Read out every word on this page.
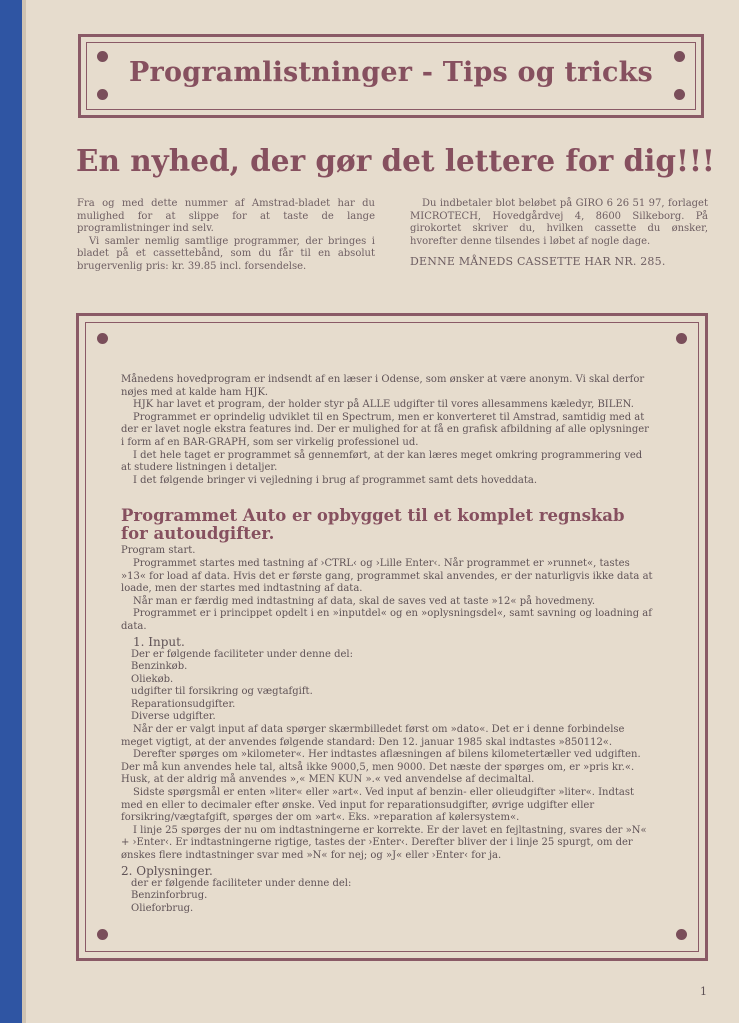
Programlistninger - Tips og tricks
En nyhed, der gør det lettere for dig!!!

Fra og med dette nummer af Amstrad-bladet har du mulighed for at slippe for at taste de lange programlistninger ind selv.

Vi samler nemlig samtlige programmer, der bringes i bladet på et cassettebånd, som du får til en absolut brugervenlig pris: kr. 39.85 incl. forsendelse.

Du indbetaler blot beløbet på GIRO 6 26 51 97, forlaget MICROTECH, Hovedgårdvej 4, 8600 Silkeborg. På girokortet skriver du, hvilken cassette du ønsker, hvorefter denne tilsendes i løbet af nogle dage.

DENNE MÅNEDS CASSETTE HAR NR. 285.

Månedens hovedprogram er indsendt af en læser i Odense, som ønsker at være anonym. Vi skal derfor nøjes med at kalde ham HJK.

HJK har lavet et program, der holder styr på ALLE udgifter til vores allesammens kæledyr, BILEN.

Programmet er oprindelig udviklet til en Spectrum, men er konverteret til Amstrad, samtidig med at der er lavet nogle ekstra features ind. Der er mulighed for at få en grafisk afbildning af alle oplysninger i form af en BAR-GRAPH, som ser virkelig professionel ud.

I det hele taget er programmet så gennemført, at der kan læres meget omkring programmering ved at studere listningen i detaljer.

I det følgende bringer vi vejledning i brug af programmet samt dets hoveddata.

Programmet Auto er opbygget til et komplet regnskab for autoudgifter.

Program start.

Programmet startes med tastning af ›CTRL‹ og ›Lille Enter‹. Når programmet er »runnet«, tastes »13« for load af data. Hvis det er første gang, programmet skal anvendes, er der naturligvis ikke data at loade, men der startes med indtastning af data.

Når man er færdig med indtastning af data, skal de saves ved at taste »12« på hovedmeny.

Programmet er i princippet opdelt i en »inputdel« og en »oplysningsdel«, samt savning og loadning af data.

1. Input.

Der er følgende faciliteter under denne del:

Benzinkøb.

Oliekøb.

udgifter til forsikring og vægtafgift.

Reparationsudgifter.

Diverse udgifter.

Når der er valgt input af data spørger skærmbilledet først om »dato«. Det er i denne forbindelse meget vigtigt, at der anvendes følgende standard: Den 12. januar 1985 skal indtastes »850112«.

Derefter spørges om »kilometer«. Her indtastes aflæsningen af bilens kilometertæller ved udgiften. Der må kun anvendes hele tal, altså ikke 9000,5, men 9000. Det næste der spørges om, er »pris kr.«. Husk, at der aldrig må anvendes »,« MEN KUN ».« ved anvendelse af decimaltal.

Sidste spørgsmål er enten »liter« eller »art«. Ved input af benzin- eller olieudgifter »liter«. Indtast med en eller to decimaler efter ønske. Ved input for reparationsudgifter, øvrige udgifter eller forsikring/vægtafgift, spørges der om »art«. Eks. »reparation af kølersystem«.

I linje 25 spørges der nu om indtastningerne er korrekte. Er der lavet en fejltastning, svares der »N« + ›Enter‹. Er indtastningerne rigtige, tastes der ›Enter‹. Derefter bliver der i linje 25 spurgt, om der ønskes flere indtastninger svar med »N« for nej; og »J« eller ›Enter‹ for ja.

2. Oplysninger.

der er følgende faciliteter under denne del:

Benzinforbrug.

Olieforbrug.

1
